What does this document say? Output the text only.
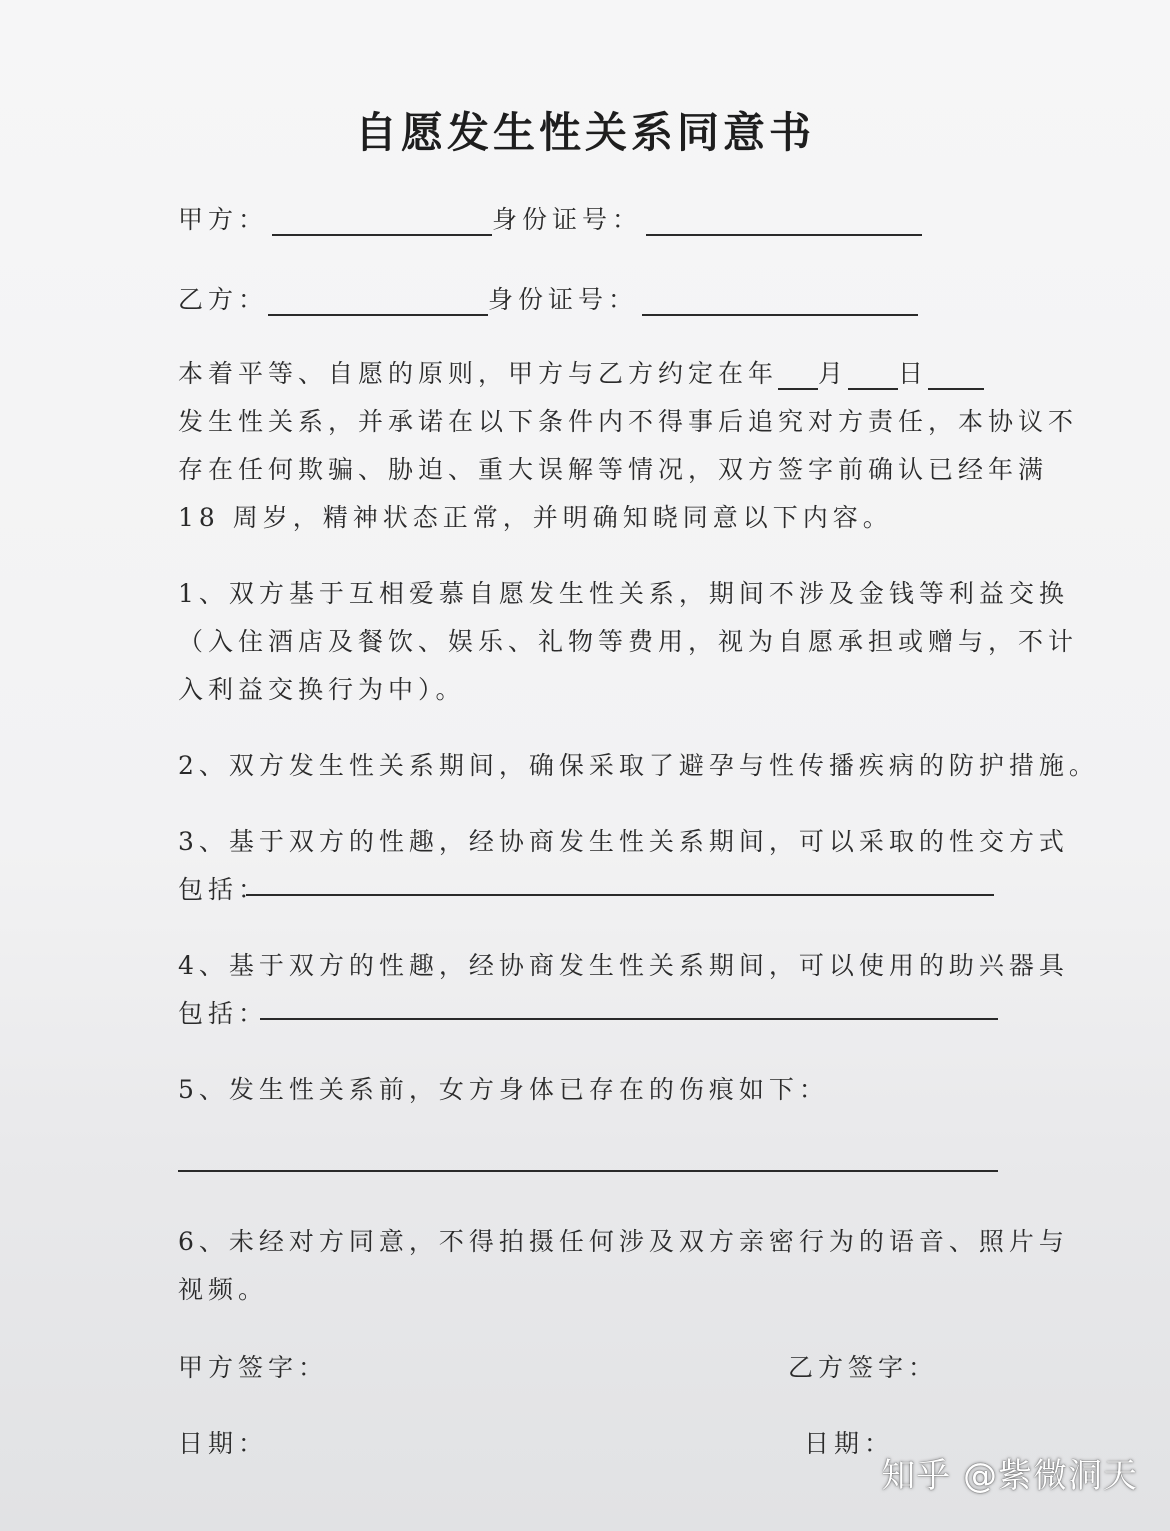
自愿发生性关系同意书
甲方：	身份证号：
乙方：	身份证号：
本着平等、自愿的原则，甲方与乙方约定在年 月 日
发生性关系，并承诺在以下条件内不得事后追究对方责任，本协议不
存在任何欺骗、胁迫、重大误解等情况，双方签字前确认已经年满
18 周岁，精神状态正常，并明确知晓同意以下内容。
1、双方基于互相爱慕自愿发生性关系，期间不涉及金钱等利益交换
（入住酒店及餐饮、娱乐、礼物等费用，视为自愿承担或赠与，不计
入利益交换行为中）。
2、双方发生性关系期间，确保采取了避孕与性传播疾病的防护措施。
3、基于双方的性趣，经协商发生性关系期间，可以采取的性交方式
包括：
4、基于双方的性趣，经协商发生性关系期间，可以使用的助兴器具
包括：
5、发生性关系前，女方身体已存在的伤痕如下：
6、未经对方同意，不得拍摄任何涉及双方亲密行为的语音、照片与
视频。
甲方签字：	乙方签字：
日期：	日期：
知乎 @紫微洞天
